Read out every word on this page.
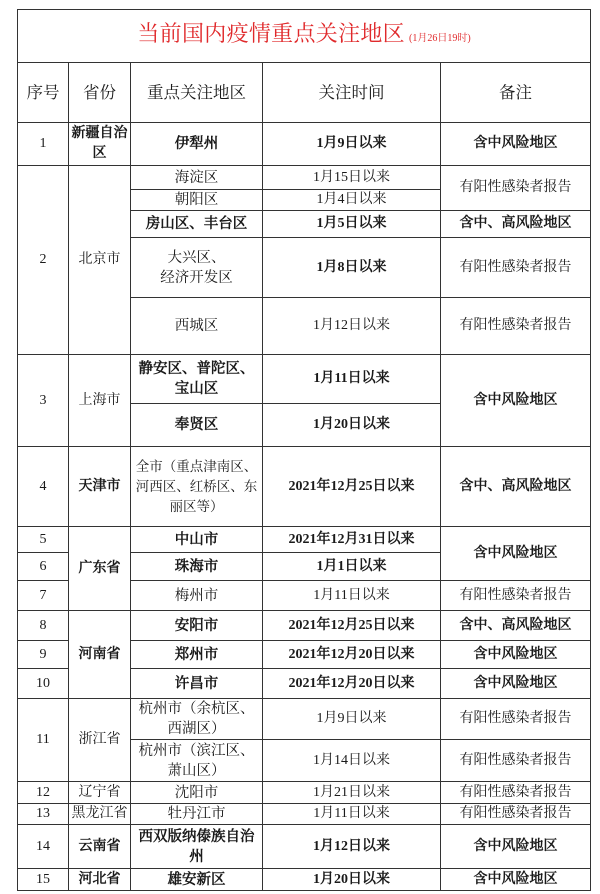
当前国内疫情重点关注地区 (1月26日19时)				
序号	省份	重点关注地区	关注时间	备注
1	新疆自治区	伊犁州	1月9日以来	含中风险地区
2	北京市	海淀区	1月15日以来	有阳性感染者报告
		朝阳区	1月4日以来	
		房山区、丰台区	1月5日以来	含中、高风险地区
		大兴区、经济开发区	1月8日以来	有阳性感染者报告
		西城区	1月12日以来	有阳性感染者报告
3	上海市	静安区、普陀区、宝山区	1月11日以来	含中风险地区
		奉贤区	1月20日以来	
4	天津市	全市（重点津南区、河西区、红桥区、东丽区等）	2021年12月25日以来	含中、高风险地区
5	广东省	中山市	2021年12月31日以来	含中风险地区
6		珠海市	1月1日以来	
7		梅州市	1月11日以来	有阳性感染者报告
8	河南省	安阳市	2021年12月25日以来	含中、高风险地区
9		郑州市	2021年12月20日以来	含中风险地区
10		许昌市	2021年12月20日以来	含中风险地区
11	浙江省	杭州市（余杭区、西湖区）	1月9日以来	有阳性感染者报告
		杭州市（滨江区、萧山区）	1月14日以来	有阳性感染者报告
12	辽宁省	沈阳市	1月21日以来	有阳性感染者报告
13	黑龙江省	牡丹江市	1月11日以来	有阳性感染者报告
14	云南省	西双版纳傣族自治州	1月12日以来	含中风险地区
15	河北省	雄安新区	1月20日以来	含中风险地区
